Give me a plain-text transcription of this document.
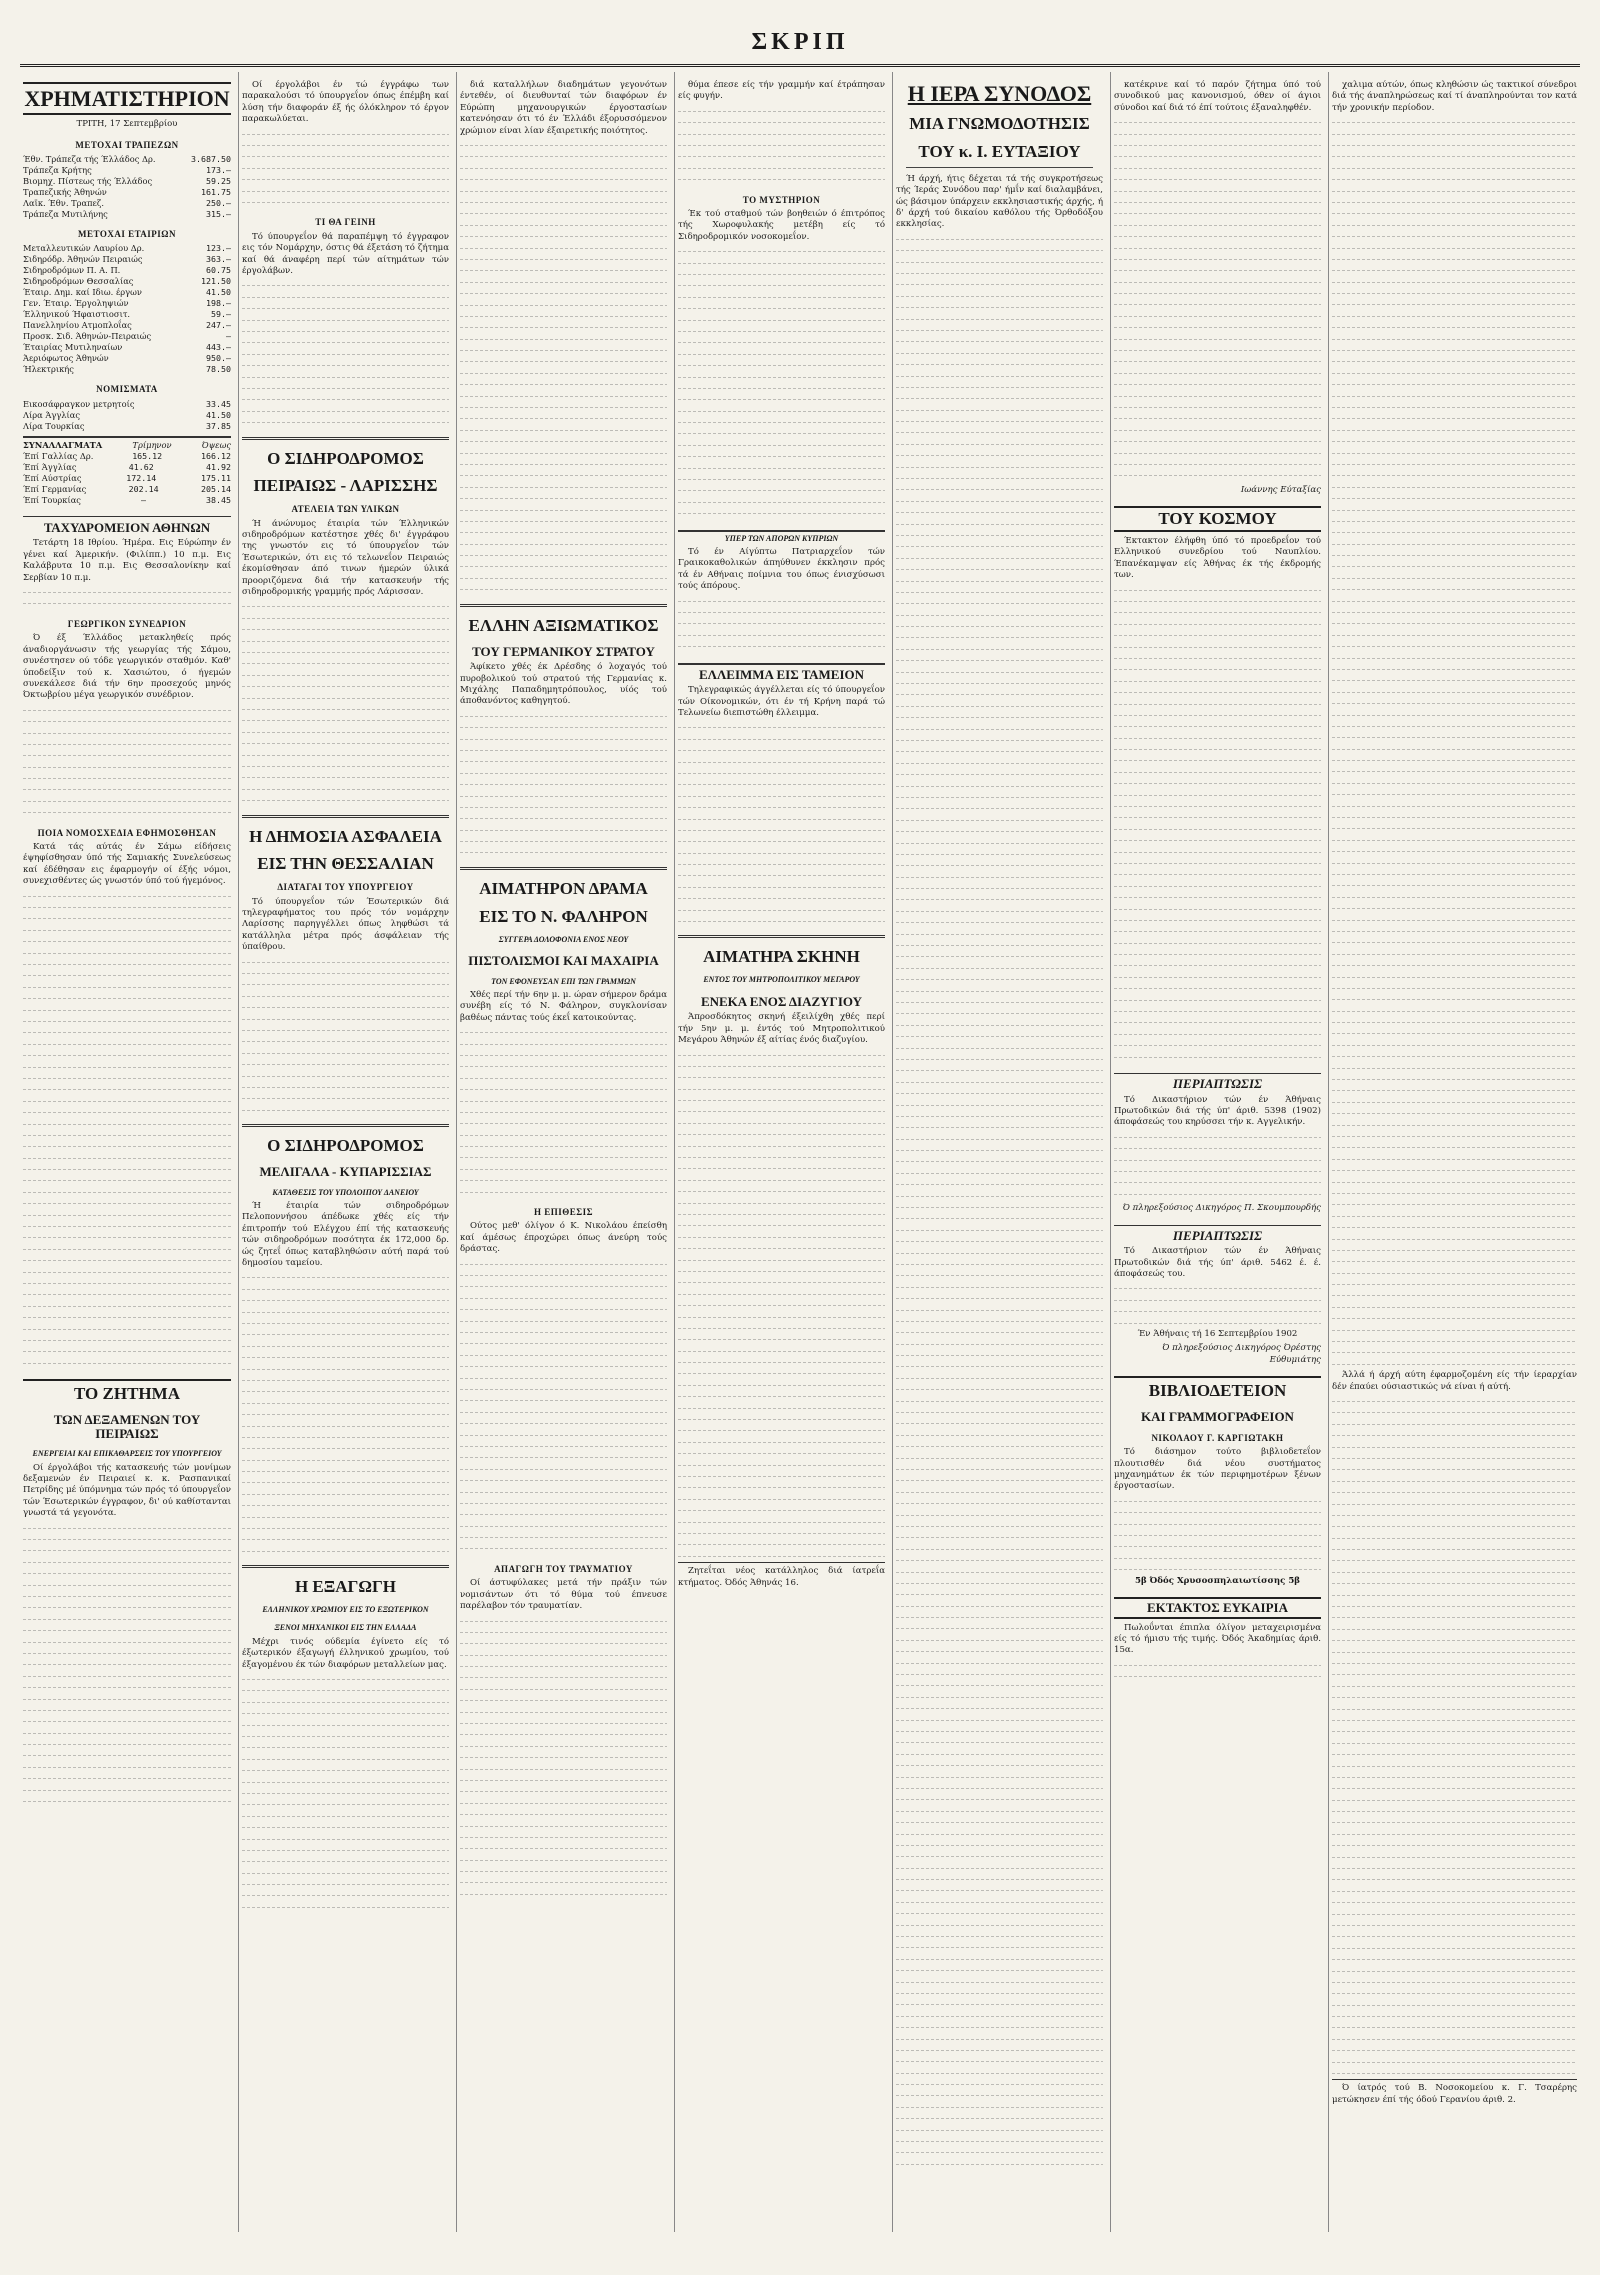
ΣΚΡΙΠ
ΧΡΗΜΑΤΙΣΤΗΡΙΟΝ
ΤΡΙΤΗ, 17 Σεπτεμβρίου
ΜΕΤΟΧΑΙ ΤΡΑΠΕΖΩΝ
Έθν. Τράπεζα τής Έλλάδος Δρ.	3.687.50
Τράπεζα Κρήτης	173.—
Βιομηχ. Πίστεως τής Έλλάδος	59.25
Τραπεζικής Άθηνών	161.75
Λαϊκ. Έθν. Τραπεζ.	250.—
Τράπεζα Μυτιλήνης	315.—
ΜΕΤΟΧΑΙ ΕΤΑΙΡΙΩΝ
Μεταλλευτικών Λαυρίου Δρ.	123.—
Σιδηρόδρ. Άθηνών Πειραιώς	363.—
Σιδηροδρόμων Π. Α. Π.	60.75
Σιδηροδρόμων Θεσσαλίας	121.50
Έταιρ. Δημ. καί Ιδιω. έργων	41.50
Γεν. Έταιρ. Έργοληψιών	198.—
Έλληνικού Ήφαιστιοσιτ.	59.—
Πανελληνίου Ατμοπλοΐας	247.—
Προσκ. Σιδ. Άθηνών-Πειραιώς	—
Έταιρίας Μυτιληναίων	443.—
Άεριόφωτος Άθηνών	950.—
Ήλεκτρικής	78.50
ΝΟΜΙΣΜΑΤΑ
Εικοσάφραγκον μετρητοίς	33.45
Λίρα Άγγλίας	41.50
Λίρα Τουρκίας	37.85
ΣΥΝΑΛΛΑΓΜΑΤΑ	Τρίμηνον	Όψεως
Έπί Γαλλίας Δρ.	165.12	166.12
Έπί Άγγλίας	41.62	41.92
Έπί Αύστρίας	172.14	175.11
Έπί Γερμανίας	202.14	205.14
Έπί Τουρκίας	—	38.45
ΤΑΧΥΔΡΟΜΕΙΟΝ ΑΘΗΝΩΝ

Τετάρτη 18 Ιθρίου. Ήμέρα. Εις Εύρώπην έν γένει καί Άμερικήν. (Φιλίππ.) 10 π.μ. Εις Καλάβρυτα 10 π.μ. Εις Θεσσαλονίκην καί Σερβίαν 10 π.μ.

ΓΕΩΡΓΙΚΟΝ ΣΥΝΕΔΡΙΟΝ

Ό έξ Έλλάδος μετακληθείς πρός άναδιοργάνωσιν τής γεωργίας τής Σάμου, συνέστησεν ού τόδε γεωργικόν σταθμόν. Καθ' ύποδείξιν τού κ. Χασιώτου, ό ήγεμών συνεκάλεσε διά τήν 6ην προσεχούς μηνός Όκτωβρίου μέγα γεωργικόν συνέδριον.

ΠΟΙΑ ΝΟΜΟΣΧΕΔΙΑ ΕΦΗΜΟΣΘΗΣΑΝ

Κατά τάς αύτάς έν Σάμω είδήσεις έψηφίσθησαν ύπό τής Σαμιακής Συνελεύσεως καί έδέθησαν εις έφαρμογήν οί έξής νόμοι, συνεχισθέντες ώς γνωστόν ύπό τού ήγεμόνος.

ΤΟ ΖΗΤΗΜΑ
ΤΩΝ ΔΕΞΑΜΕΝΩΝ ΤΟΥ ΠΕΙΡΑΙΩΣ
ΕΝΕΡΓΕΙΑΙ ΚΑΙ ΕΠΙΚΑΘΑΡΣΕΙΣ ΤΟΥ ΥΠΟΥΡΓΕΙΟΥ

Οί έργολάβοι τής κατασκευής τών μονίμων δεξαμενών έν Πειραιεί κ. κ. Ρασπανικαί Πετρίδης μέ ύπόμνημα τών πρός τό ύπουργεΐον τών Έσωτερικών έγγραφον, δι' ού καθίστανται γνωστά τά γεγονότα.

Οί έργολάβοι έν τώ έγγράφω των παρακαλούσι τό ύπουργεΐον όπως έπέμβη καί λύση τήν διαφοράν έξ ής όλόκληρον τό έργον παρακωλύεται.

ΤΙ ΘΑ ΓΕΙΝΗ

Τό ύπουργεΐον θά παραπέμψη τό έγγραφον εις τόν Νομάρχην, όστις θά έξετάση τό ζήτημα καί θά άναφέρη περί τών αίτημάτων τών έργολάβων.

Ο ΣΙΔΗΡΟΔΡΟΜΟΣ
ΠΕΙΡΑΙΩΣ - ΛΑΡΙΣΣΗΣ
ΑΤΕΛΕΙΑ ΤΩΝ ΥΛΙΚΩΝ

Ή άνώνυμος έταιρία τών Έλληνικών σιδηροδρόμων κατέστησε χθές δι' έγγράφου της γνωστόν εις τό ύπουργεΐον τών Έσωτερικών, ότι εις τό τελωνεΐον Πειραιώς έκομίσθησαν άπό τινων ήμερών ύλικά προοριζόμενα διά τήν κατασκευήν τής σιδηροδρομικής γραμμής πρός Λάρισσαν.

Η ΔΗΜΟΣΙΑ ΑΣΦΑΛΕΙΑ
ΕΙΣ ΤΗΝ ΘΕΣΣΑΛΙΑΝ
ΔΙΑΤΑΓΑΙ ΤΟΥ ΥΠΟΥΡΓΕΙΟΥ

Τό ύπουργεΐον τών Έσωτερικών διά τηλεγραφήματος του πρός τόν νομάρχην Λαρίσσης παρηγγέλλει όπως ληφθώσι τά κατάλληλα μέτρα πρός άσφάλειαν τής ύπαίθρου.

Ο ΣΙΔΗΡΟΔΡΟΜΟΣ
ΜΕΛΙΓΑΛΑ - ΚΥΠΑΡΙΣΣΙΑΣ
ΚΑΤΑΘΕΣΙΣ ΤΟΥ ΥΠΟΛΟΙΠΟΥ ΔΑΝΕΙΟΥ

Ή έταιρία τών σιδηροδρόμων Πελοποννήσου άπέδωκε χθές είς τήν έπιτροπήν τού Ελέγχου έπί τής κατασκευής τών σιδηροδρόμων ποσότητα έκ 172,000 δρ. ώς ζητεΐ όπως καταβληθώσιν αύτή παρά τού δημοσίου ταμείου.

Η ΕΞΑΓΩΓΗ
ΕΛΛΗΝΙΚΟΥ ΧΡΩΜΙΟΥ ΕΙΣ ΤΟ ΕΞΩΤΕΡΙΚΟΝ
ΞΕΝΟΙ ΜΗΧΑΝΙΚΟΙ ΕΙΣ ΤΗΝ ΕΛΛΑΔΑ

Μέχρι τινός ούδεμία έγίνετο είς τό έξωτερικόν έξαγωγή έλληνικού χρωμίου, τού έξαγομένου έκ τών διαφόρων μεταλλείων μας.

διά καταλλήλων διαδημάτων γεγονότων έντεθέν, οί διευθυνταί τών διαφόρων έν Εύρώπη μηχανουργικών έργοστασίων κατενόησαν ότι τό έν Έλλάδι έξορυσσόμενον χρώμιον είναι λίαν έξαιρετικής ποιότητος.

ΕΛΛΗΝ ΑΞΙΩΜΑΤΙΚΟΣ
ΤΟΥ ΓΕΡΜΑΝΙΚΟΥ ΣΤΡΑΤΟΥ

Άφίκετο χθές έκ Δρέσδης ό λοχαγός τού πυροβολικού τού στρατού τής Γερμανίας κ. Μιχάλης Παπαδημητρόπουλος, υίός τού άποθανόντος καθηγητού.

ΑΙΜΑΤΗΡΟΝ ΔΡΑΜΑ
ΕΙΣ ΤΟ Ν. ΦΑΛΗΡΟΝ
ΣΥΓΓΕΡΑ ΔΟΛΟΦΟΝΙΑ ΕΝΟΣ ΝΕΟΥ
ΠΙΣΤΟΛΙΣΜΟΙ ΚΑΙ ΜΑΧΑΙΡΙΑ
ΤΟΝ ΕΦΟΝΕΥΣΑΝ ΕΠΙ ΤΩΝ ΓΡΑΜΜΩΝ

Χθές περί τήν 6ην μ. μ. ώραν σήμερον δράμα συνέβη είς τό Ν. Φάληρον, συγκλονίσαν βαθέως πάντας τούς έκεΐ κατοικούντας.

Η ΕΠΙΘΕΣΙΣ

Ούτος μεθ' όλίγον ό Κ. Νικολάου έπείσθη καί άμέσως έπροχώρει όπως άνεύρη τούς δράστας.

ΑΠΑΓΩΓΗ ΤΟΥ ΤΡΑΥΜΑΤΙΟΥ

Οί άστυφύλακες μετά τήν πράξιν τών νομισάντων ότι τό θύμα τού έπνευσε παρέλαβον τόν τραυματίαν.

θύμα έπεσε είς τήν γραμμήν καί έτράπησαν είς φυγήν.

ΤΟ ΜΥΣΤΗΡΙΟΝ

Έκ τού σταθμού τών βοηθειών ό έπιτρόπος τής Χωροφυλακής μετέβη είς τό Σιδηροδρομικόν νοσοκομεΐον.

ΥΠΕΡ ΤΩΝ ΑΠΟΡΩΝ ΚΥΠΡΙΩΝ

Τό έν Αίγύπτω Πατριαρχεΐον τών Γραικοκαθολικών άπηύθυνεν έκκλησιν πρός τά έν Αθήναις ποίμνια του όπως ένισχύσωσι τούς άπόρους.

ΕΛΛΕΙΜΜΑ ΕΙΣ ΤΑΜΕΙΟΝ

Τηλεγραφικώς άγγέλλεται είς τό ύπουργεΐον τών Οίκονομικών, ότι έν τή Κρήνη παρά τώ Τελωνείω διεπιστώθη έλλειμμα.

ΑΙΜΑΤΗΡΑ ΣΚΗΝΗ
ΕΝΤΟΣ ΤΟΥ ΜΗΤΡΟΠΟΛΙΤΙΚΟΥ ΜΕΓΑΡΟΥ
ΕΝΕΚΑ ΕΝΟΣ ΔΙΑΖΥΓΙΟΥ

Άπροσδόκητος σκηνή έξειλίχθη χθές περί τήν 5ην μ. μ. έντός τού Μητροπολιτικού Μεγάρου Άθηνών έξ αίτίας ένός διαζυγίου.

Ζητεΐται νέος κατάλληλος διά ίατρεΐα κτήματος. Όδός Άθηνάς 16.

Η ΙΕΡΑ ΣΥΝΟΔΟΣ
ΜΙΑ ΓΝΩΜΟΔΟΤΗΣΙΣ
ΤΟΥ κ. Ι. ΕΥΤΑΞΙΟΥ

Ή άρχή, ήτις δέχεται τά τής συγκροτήσεως τής Ίεράς Συνόδου παρ' ήμΐν καί διαλαμβάνει, ώς βάσιμον ύπάρχειν εκκλησιαστικής άρχής, ή δ' άρχή τού δικαίου καθόλου τής Όρθοδόξου εκκλησίας.

κατέκρινε καί τό παρόν ζήτημα ύπό τού συνοδικού μας κανονισμού, όθεν οί άγιοι σύνοδοι καί διά τό έπί τούτοις έξαναληφθέν.

Ιωάννης Εύταξίας
ΤΟΥ ΚΟΣΜΟΥ

Έκτακτον έλήφθη ύπό τό προεδρεΐον τού Ελληνικού συνεδρίου τού Ναυπλίου. Έπανέκαμψαν είς Άθήνας έκ τής έκδρομής των.

ΠΕΡΙΑΠΤΩΣΙΣ

Τό Δικαστήριον τών έν Άθήναις Πρωτοδικών διά τής ύπ' άριθ. 5398 (1902) άποφάσεώς του κηρύσσει τήν κ. Αγγελικήν.

Ό πληρεξούσιος Δικηγόρος Π. Σκουμπουρδής
ΠΕΡΙΑΠΤΩΣΙΣ

Τό Δικαστήριον τών έν Άθήναις Πρωτοδικών διά τής ύπ' άριθ. 5462 έ. έ. άποφάσεώς του.

Έν Άθήναις τή 16 Σεπτεμβρίου 1902
Ό πληρεξούσιος Δικηγόρος Όρέστης Εύθυμιάτης
ΒΙΒΛΙΟΔΕΤΕΙΟΝ
ΚΑΙ ΓΡΑΜΜΟΓΡΑΦΕΙΟΝ
ΝΙΚΟΛΑΟΥ Γ. ΚΑΡΓΙΩΤΑΚΗ

Τό διάσημον τούτο βιβλιοδετεΐον πλουτισθέν διά νέου συστήματος μηχανημάτων έκ τών περιφημοτέρων ξένων έργοστασίων.

5β Όδός Χρυσοσπηλαιωτίσσης 5β
ΕΚΤΑΚΤΟΣ ΕΥΚΑΙΡΙΑ

Πωλοΰνται έπιπλα όλίγον μεταχειρισμένα είς τό ήμισυ τής τιμής. Όδός Άκαδημίας άριθ. 15α.

χαλιμα αύτών, όπως κληθώσιν ώς τακτικοί σύνεδροι διά τής άναπληρώσεως καί τί άναπληρούνται τον κατά τήν χρονικήν περίοδον.

Άλλά ή άρχή αύτη έφαρμοζομένη είς τήν ίεραρχίαν δέν έπαύει ούσιαστικώς νά είναι ή αύτή.

Ό ίατρός τού Β. Νοσοκομείου κ. Γ. Τσαρέρης μετώκησεν έπί τής όδού Γερανίου άριθ. 2.
